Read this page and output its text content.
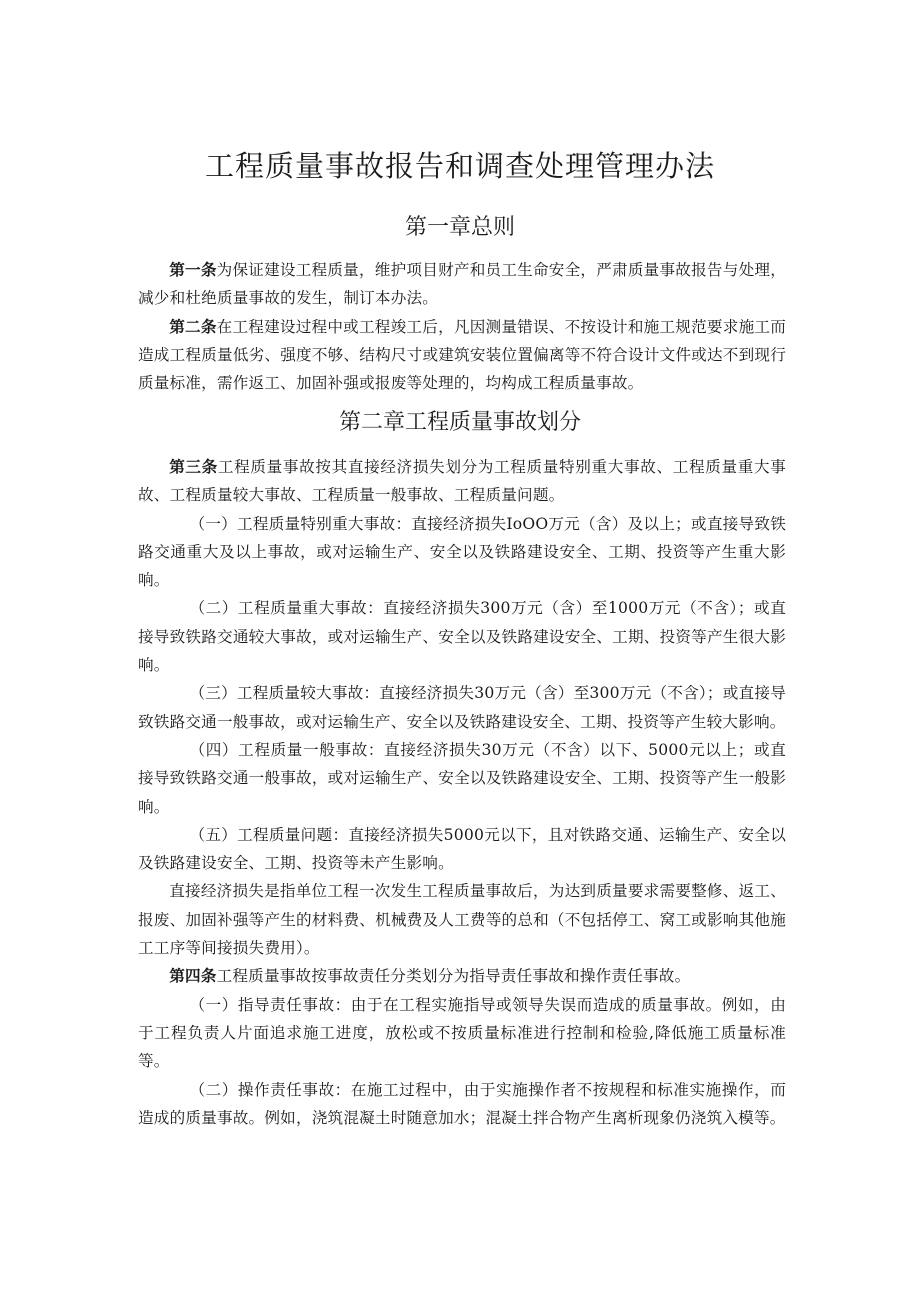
工程质量事故报告和调查处理管理办法
第一章总则

第一条为保证建设工程质量，维护项目财产和员工生命安全，严肃质量事故报告与处理，减少和杜绝质量事故的发生，制订本办法。

第二条在工程建设过程中或工程竣工后，凡因测量错误、不按设计和施工规范要求施工而造成工程质量低劣、强度不够、结构尺寸或建筑安装位置偏离等不符合设计文件或达不到现行质量标准，需作返工、加固补强或报废等处理的，均构成工程质量事故。

第二章工程质量事故划分

第三条工程质量事故按其直接经济损失划分为工程质量特别重大事故、工程质量重大事故、工程质量较大事故、工程质量一般事故、工程质量问题。

（一）工程质量特别重大事故：直接经济损失IoOO万元（含）及以上；或直接导致铁路交通重大及以上事故，或对运输生产、安全以及铁路建设安全、工期、投资等产生重大影响。

（二）工程质量重大事故：直接经济损失300万元（含）至1000万元（不含）；或直接导致铁路交通较大事故，或对运输生产、安全以及铁路建设安全、工期、投资等产生很大影响。

（三）工程质量较大事故：直接经济损失30万元（含）至300万元（不含）；或直接导致铁路交通一般事故，或对运输生产、安全以及铁路建设安全、工期、投资等产生较大影响。

（四）工程质量一般事故：直接经济损失30万元（不含）以下、5000元以上；或直接导致铁路交通一般事故，或对运输生产、安全以及铁路建设安全、工期、投资等产生一般影响。

（五）工程质量问题：直接经济损失5000元以下，且对铁路交通、运输生产、安全以及铁路建设安全、工期、投资等未产生影响。

直接经济损失是指单位工程一次发生工程质量事故后，为达到质量要求需要整修、返工、报废、加固补强等产生的材料费、机械费及人工费等的总和（不包括停工、窝工或影响其他施工工序等间接损失费用）。

第四条工程质量事故按事故责任分类划分为指导责任事故和操作责任事故。

（一）指导责任事故：由于在工程实施指导或领导失误而造成的质量事故。例如，由于工程负责人片面追求施工进度，放松或不按质量标准进行控制和检验,降低施工质量标准等。

（二）操作责任事故：在施工过程中，由于实施操作者不按规程和标准实施操作，而造成的质量事故。例如，浇筑混凝土时随意加水；混凝土拌合物产生离析现象仍浇筑入模等。
